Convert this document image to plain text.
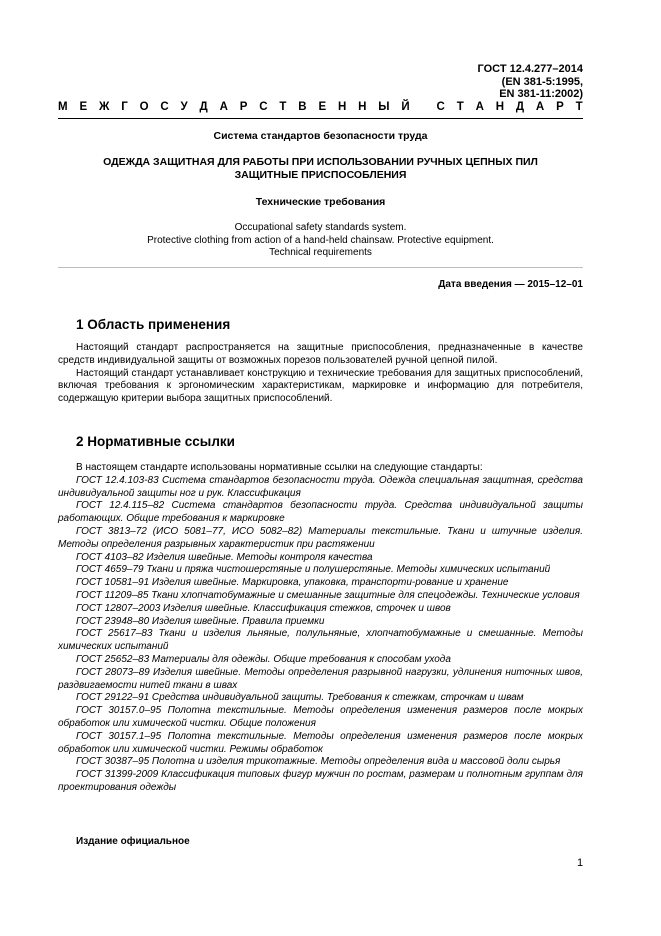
ГОСТ 12.4.277–2014
(EN 381-5:1995,
EN 381-11:2002)
М Е Ж Г О С У Д А Р С Т В Е Н Н Ы Й
С Т А Н Д А Р Т
Система стандартов безопасности труда
ОДЕЖДА ЗАЩИТНАЯ ДЛЯ РАБОТЫ ПРИ ИСПОЛЬЗОВАНИИ РУЧНЫХ ЦЕПНЫХ ПИЛ
ЗАЩИТНЫЕ ПРИСПОСОБЛЕНИЯ
Технические требования
Occupational safety standards system.
Protective clothing from action of a hand-held chainsaw. Protective equipment.
Technical requirements
Дата введения — 2015–12–01
1 Область применения

Настоящий стандарт распространяется на защитные приспособления, предназначенные в качестве средств индивидуальной защиты от возможных порезов пользователей ручной цепной пилой.

Настоящий стандарт устанавливает конструкцию и технические требования для защитных приспособлений, включая требования к эргономическим характеристикам, маркировке и информацию для потребителя, содержащую критерии выбора защитных приспособлений.

2 Нормативные ссылки

В настоящем стандарте использованы нормативные ссылки на следующие стандарты:

ГОСТ 12.4.103-83 Система стандартов безопасности труда. Одежда специальная защитная, средства индивидуальной защиты ног и рук. Классификация

ГОСТ 12.4.115–82 Система стандартов безопасности труда. Средства индивидуальной защиты работающих. Общие требования к маркировке

ГОСТ 3813–72 (ИСО 5081–77, ИСО 5082–82) Материалы текстильные. Ткани и штучные изделия. Методы определения разрывных характеристик при растяжении

ГОСТ 4103–82 Изделия швейные. Методы контроля качества

ГОСТ 4659–79 Ткани и пряжа чистошерстяные и полушерстяные. Методы химических испытаний

ГОСТ 10581–91 Изделия швейные. Маркировка, упаковка, транспорти-рование и хранение

ГОСТ 11209–85 Ткани хлопчатобумажные и смешанные защитные для спецодежды. Технические условия

ГОСТ 12807–2003 Изделия швейные. Классификация стежков, строчек и швов

ГОСТ 23948–80 Изделия швейные. Правила приемки

ГОСТ 25617–83 Ткани и изделия льняные, полульняные, хлопчатобумажные и смешанные. Методы химических испытаний

ГОСТ 25652–83 Материалы для одежды. Общие требования к способам ухода

ГОСТ 28073–89 Изделия швейные. Методы определения разрывной нагрузки, удлинения ниточных швов, раздвигаемости нитей ткани в швах

ГОСТ 29122–91 Средства индивидуальной защиты. Требования к стежкам, строчкам и швам

ГОСТ 30157.0–95 Полотна текстильные. Методы определения изменения размеров после мокрых обработок или химической чистки. Общие положения

ГОСТ 30157.1–95 Полотна текстильные. Методы определения изменения размеров после мокрых обработок или химической чистки. Режимы обработок

ГОСТ 30387–95 Полотна и изделия трикотажные. Методы определения вида и массовой доли сырья

ГОСТ 31399-2009 Классификация типовых фигур мужчин по ростам, размерам и полнотным группам для проектирования одежды

Издание официальное
1
